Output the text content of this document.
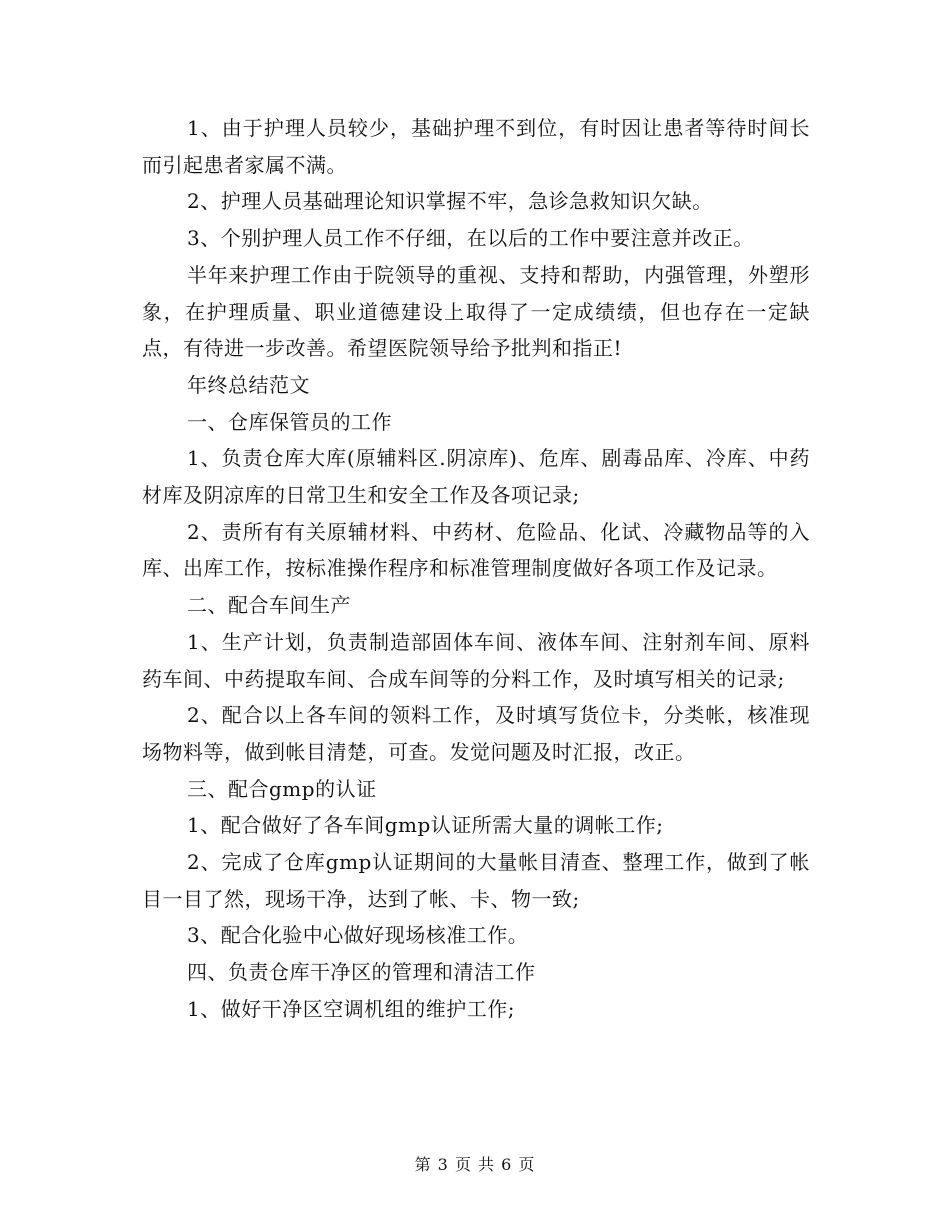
1、由于护理人员较少，基础护理不到位，有时因让患者等待时间长而引起患者家属不满。

2、护理人员基础理论知识掌握不牢，急诊急救知识欠缺。

3、个别护理人员工作不仔细，在以后的工作中要注意并改正。

半年来护理工作由于院领导的重视、支持和帮助，内强管理，外塑形象，在护理质量、职业道德建设上取得了一定成绩绩，但也存在一定缺点，有待进一步改善。希望医院领导给予批判和指正!

年终总结范文

一、仓库保管员的工作

1、负责仓库大库(原辅料区.阴凉库)、危库、剧毒品库、冷库、中药材库及阴凉库的日常卫生和安全工作及各项记录;

2、责所有有关原辅材料、中药材、危险品、化试、冷藏物品等的入库、出库工作，按标准操作程序和标准管理制度做好各项工作及记录。

二、配合车间生产

1、生产计划，负责制造部固体车间、液体车间、注射剂车间、原料药车间、中药提取车间、合成车间等的分料工作，及时填写相关的记录;

2、配合以上各车间的领料工作，及时填写货位卡，分类帐，核准现场物料等，做到帐目清楚，可查。发觉问题及时汇报，改正。

三、配合gmp的认证

1、配合做好了各车间gmp认证所需大量的调帐工作;

2、完成了仓库gmp认证期间的大量帐目清查、整理工作，做到了帐目一目了然，现场干净，达到了帐、卡、物一致;

3、配合化验中心做好现场核准工作。

四、负责仓库干净区的管理和清洁工作

1、做好干净区空调机组的维护工作;

第 3 页 共 6 页
